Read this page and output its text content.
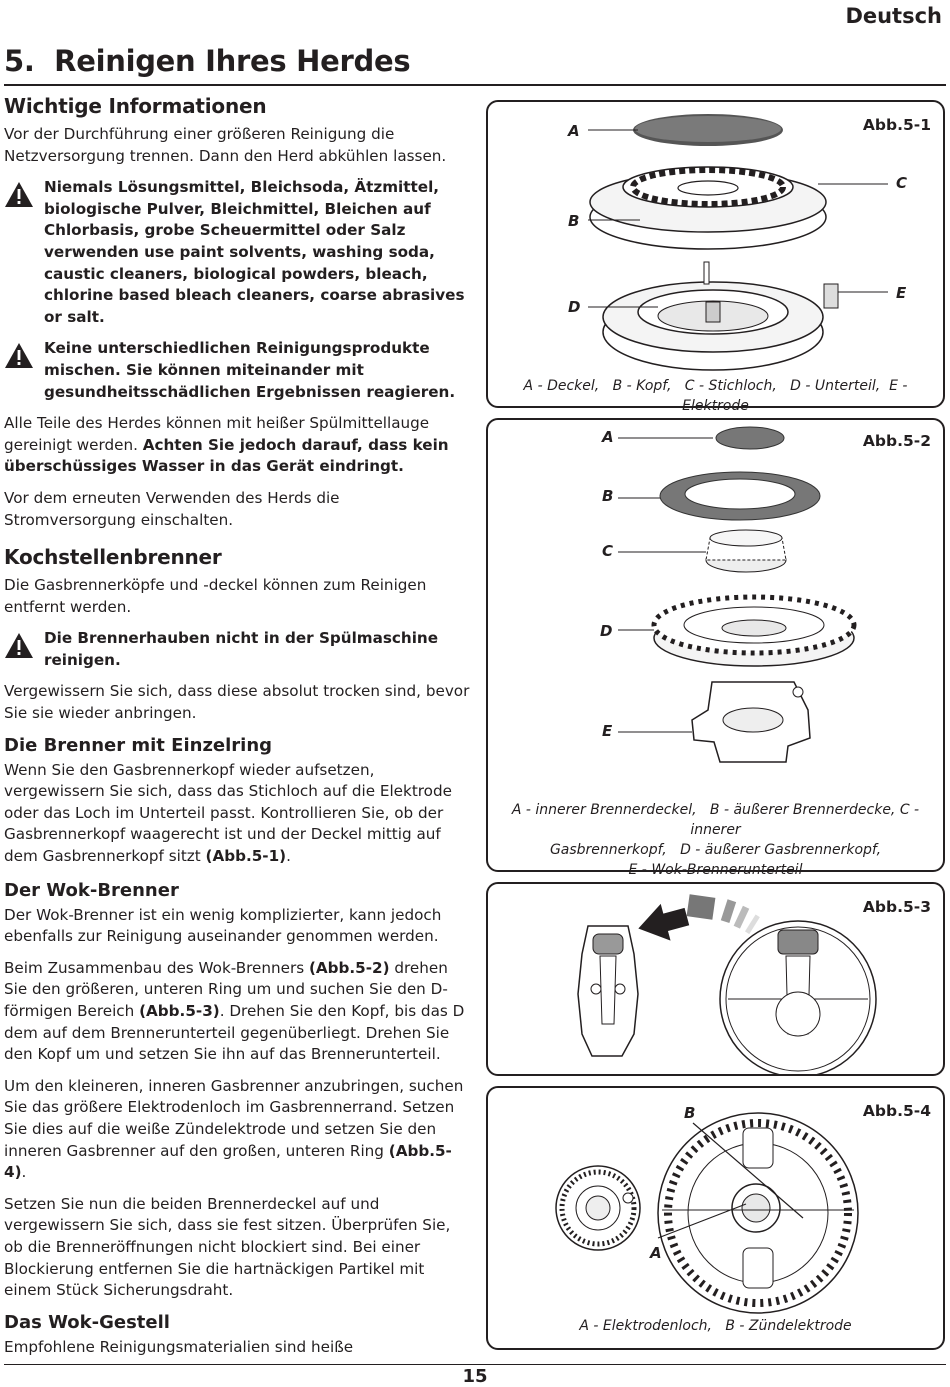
Deutsch
5.  Reinigen Ihres Herdes
Wichtige Informationen

Vor der Durchführung einer größeren Reinigung die Netzversorgung trennen. Dann den Herd abkühlen lassen.

Niemals Lösungsmittel, Bleichsoda, Ätzmittel, biologische Pulver, Bleichmittel, Bleichen auf Chlorbasis, grobe Scheuermittel oder Salz verwenden use paint solvents, washing soda, caustic cleaners, biological powders, bleach, chlorine based bleach cleaners, coarse abrasives or salt.

Keine unterschiedlichen Reinigungsprodukte mischen. Sie können miteinander mit gesundheitsschädlichen Ergebnissen reagieren.

Alle Teile des Herdes können mit heißer Spülmittellauge gereinigt werden. Achten Sie jedoch darauf, dass kein überschüssiges Wasser in das Gerät eindringt.

Vor dem erneuten Verwenden des Herds die Stromversorgung einschalten.

Kochstellenbrenner

Die Gasbrennerköpfe und -deckel können zum Reinigen entfernt werden.

Die Brennerhauben nicht in der Spülmaschine reinigen.

Vergewissern Sie sich, dass diese absolut trocken sind, bevor Sie sie wieder anbringen.

Die Brenner mit Einzelring

Wenn Sie den Gasbrennerkopf wieder aufsetzen, vergewissern Sie sich, dass das Stichloch auf die Elektrode oder das Loch im Unterteil passt. Kontrollieren Sie, ob der Gasbrennerkopf waagerecht ist und der Deckel mittig auf dem Gasbrennerkopf sitzt (Abb.5-1).

Der Wok-Brenner

Der Wok-Brenner ist ein wenig komplizierter, kann jedoch ebenfalls zur Reinigung auseinander genommen werden.

Beim Zusammenbau des Wok-Brenners (Abb.5-2) drehen Sie den größeren, unteren Ring um und suchen Sie den D-förmigen Bereich (Abb.5-3). Drehen Sie den Kopf, bis das D dem auf dem Brennerunterteil gegenüberliegt. Drehen Sie den Kopf um und setzen Sie ihn auf das Brennerunterteil.

Um den kleineren, inneren Gasbrenner anzubringen, suchen Sie das größere Elektrodenloch im Gasbrennerrand. Setzen Sie dies auf die weiße Zündelektrode und setzen Sie den inneren Gasbrenner auf den großen, unteren Ring (Abb.5-4).

Setzen Sie nun die beiden Brennerdeckel auf und vergewissern Sie sich, dass sie fest sitzen. Überprüfen Sie, ob die Brenneröffnungen nicht blockiert sind. Bei einer Blockierung entfernen Sie die hartnäckigen Partikel mit einem Stück Sicherungsdraht.

Das Wok-Gestell

Empfohlene Reinigungsmaterialien sind heiße

Abb.5-1
A
B
C
D
E
A - Deckel,   B - Kopf,   C - Stichloch,   D - Unterteil,  E - Elektrode
Abb.5-2
A
B
C
D
E
A - innerer Brennerdeckel,   B - äußerer Brennerdecke, C - innerer
Gasbrennerkopf,   D - äußerer Gasbrennerkopf,
E - Wok-Brennerunterteil
Abb.5-3
Abb.5-4
B
A
A - Elektrodenloch,   B - Zündelektrode
15
